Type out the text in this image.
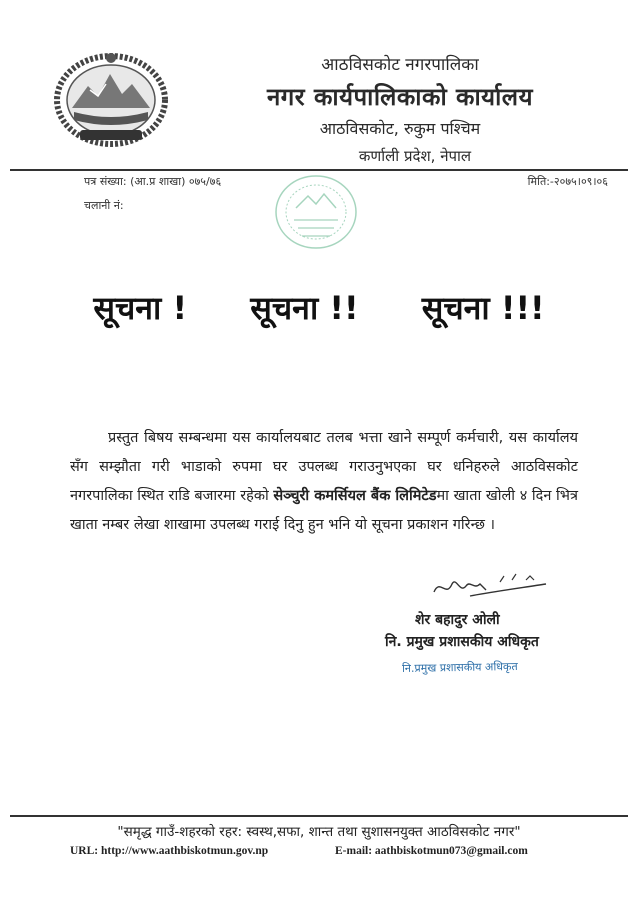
आठविसकोट नगरपालिका
नगर कार्यपालिकाको कार्यालय
आठविसकोट, रुकुम पश्चिम
कर्णाली प्रदेश, नेपाल
पत्र संख्या: (आ.प्र शाखा) ०७५/७६
चलानी नं:
मिति:-२०७५।०९।०६
सूचना ! सूचना !! सूचना !!!
प्रस्तुत बिषय सम्बन्धमा यस कार्यालयबाट तलब भत्ता खाने सम्पूर्ण कर्मचारी, यस कार्यालय सँग सम्झौता गरी भाडाको रुपमा घर उपलब्ध गराउनुभएका घर धनिहरुले आठविसकोट नगरपालिका स्थित राडि बजारमा रहेको सेञ्चुरी कमर्सियल बैंक लिमिटेडमा खाता खोली ४ दिन भित्र खाता नम्बर लेखा शाखामा उपलब्ध गराई दिनु हुन भनि यो सूचना प्रकाशन गरिन्छ ।
शेर बहादुर ओली
नि. प्रमुख प्रशासकीय अधिकृत
नि.प्रमुख प्रशासकीय अधिकृत
"समृद्ध गाउँ-शहरको रहर: स्वस्थ,सफा, शान्त तथा सुशासनयुक्त आठविसकोट नगर"
URL: http://www.aathbiskotmun.gov.np	E-mail: aathbiskotmun073@gmail.com
